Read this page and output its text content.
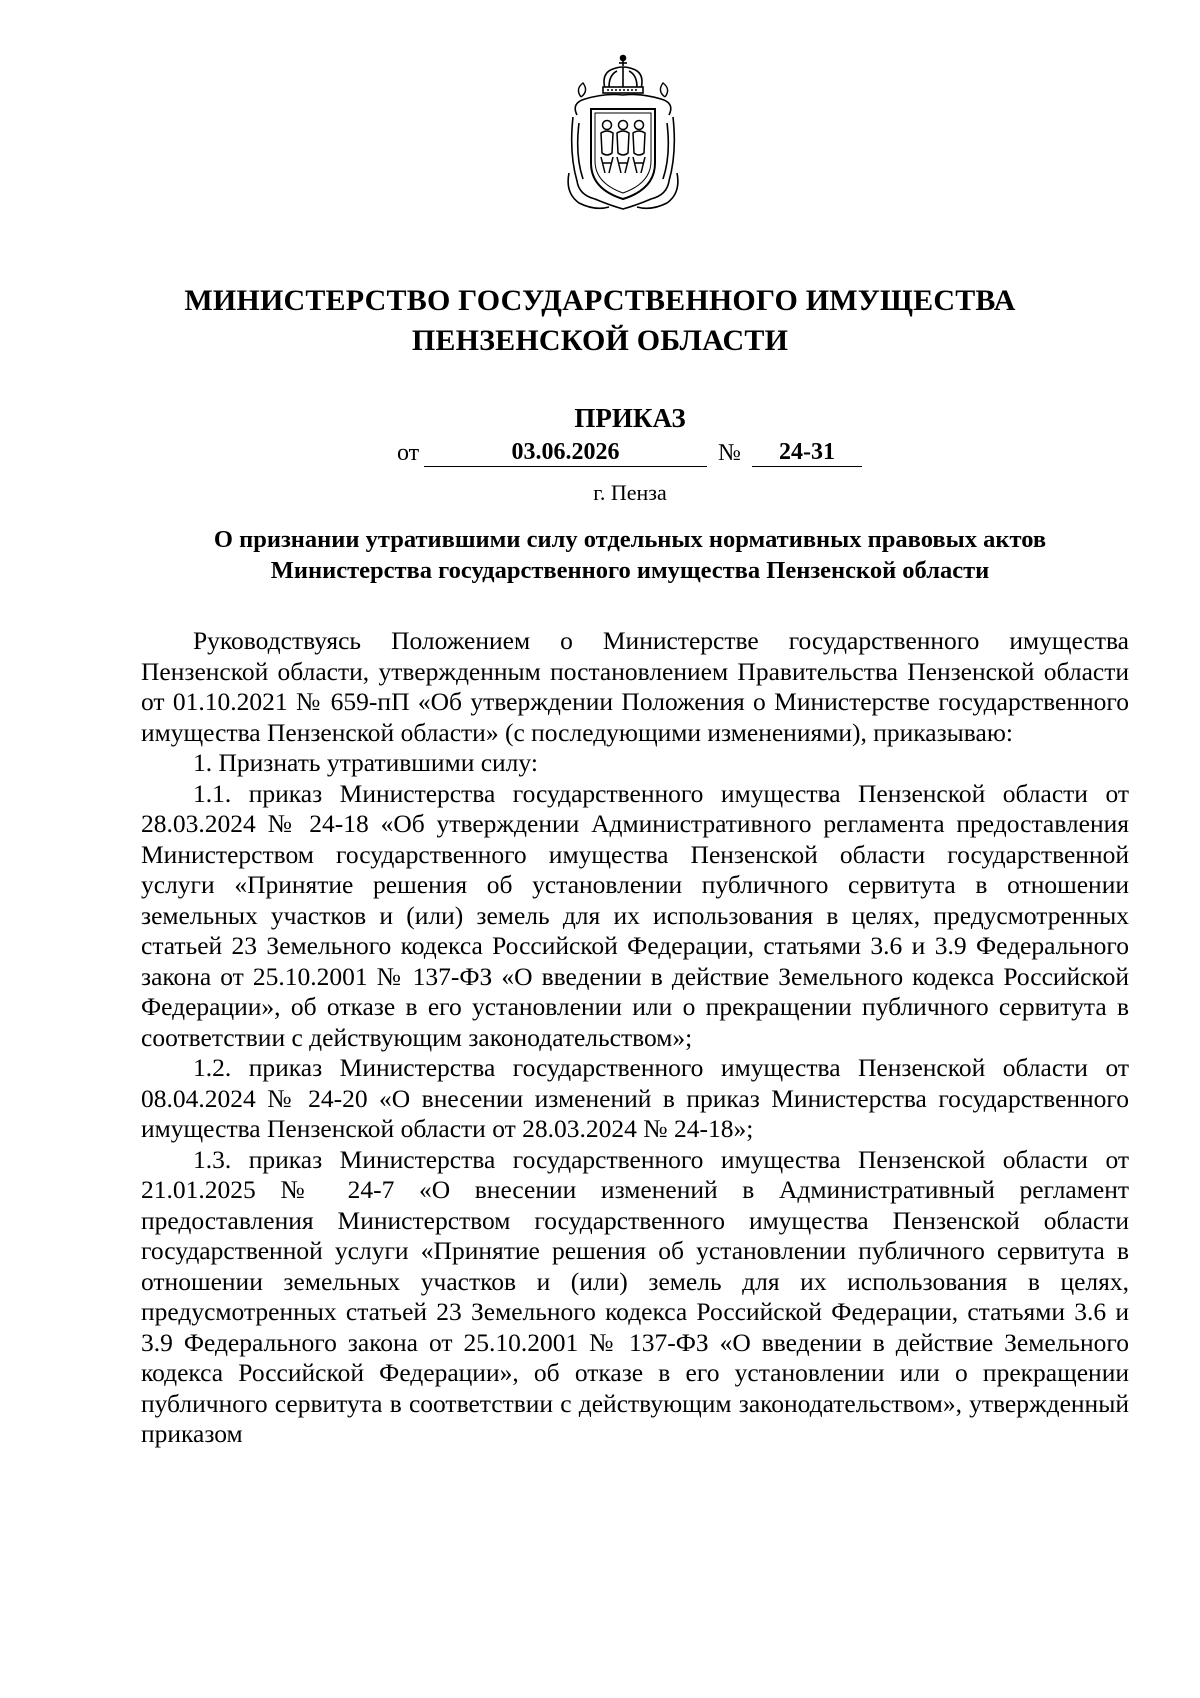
МИНИСТЕРСТВО ГОСУДАРСТВЕННОГО ИМУЩЕСТВА
ПЕНЗЕНСКОЙ ОБЛАСТИ
ПРИКАЗ
от	03.06.2026	№	24-31
г. Пенза
О признании утратившими силу отдельных нормативных правовых актов
Министерства государственного имущества Пензенской области

Руководствуясь Положением о Министерстве государственного имущества Пензенской области, утвержденным постановлением Правительства Пензенской области от 01.10.2021 № 659-пП «Об утверждении Положения о Министерстве государственного имущества Пензенской области» (с последующими изменениями), приказываю:

1. Признать утратившими силу:

1.1. приказ Министерства государственного имущества Пензенской области от 28.03.2024 № 24-18 «Об утверждении Административного регламента предоставления Министерством государственного имущества Пензенской области государственной услуги «Принятие решения об установлении публичного сервитута в отношении земельных участков и (или) земель для их использования в целях, предусмотренных статьей 23 Земельного кодекса Российской Федерации, статьями 3.6 и 3.9 Федерального закона от 25.10.2001 № 137-ФЗ «О введении в действие Земельного кодекса Российской Федерации», об отказе в его установлении или о прекращении публичного сервитута в соответствии с действующим законодательством»;

1.2. приказ Министерства государственного имущества Пензенской области от 08.04.2024 № 24-20 «О внесении изменений в приказ Министерства государственного имущества Пензенской области от 28.03.2024 № 24-18»;

1.3. приказ Министерства государственного имущества Пензенской области от 21.01.2025 № 24-7 «О внесении изменений в Административный регламент предоставления Министерством государственного имущества Пензенской области государственной услуги «Принятие решения об установлении публичного сервитута в отношении земельных участков и (или) земель для их использования в целях, предусмотренных статьей 23 Земельного кодекса Российской Федерации, статьями 3.6 и 3.9 Федерального закона от 25.10.2001 № 137-ФЗ «О введении в действие Земельного кодекса Российской Федерации», об отказе в его установлении или о прекращении публичного сервитута в соответствии с действующим законодательством», утвержденный приказом
